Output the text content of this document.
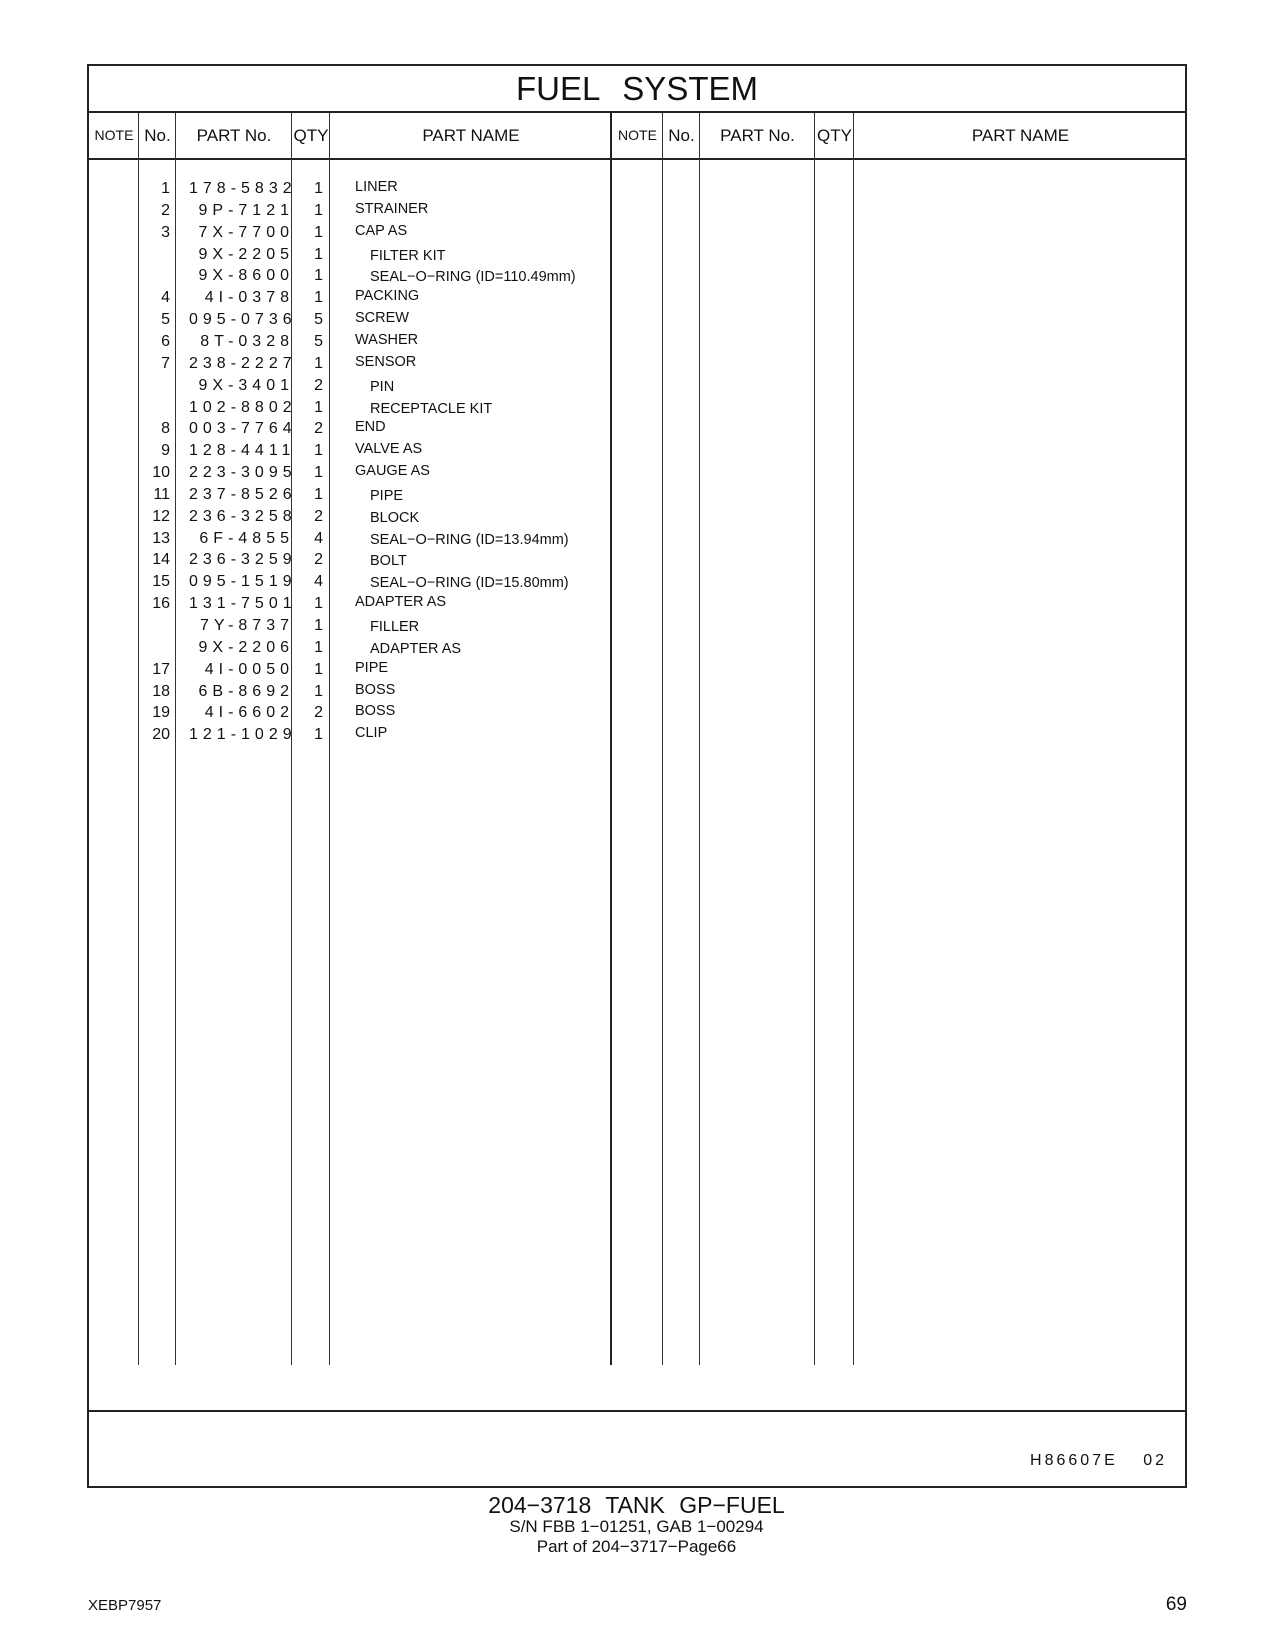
FUEL SYSTEM
NOTE No.	PART No.	QTY	PART NAME	NOTE No.	PART No.	QTY	PART NAME
1 178-5832	1 LINER
2	9P-7121	1 STRAINER
3	7X-7700	1 CAP AS
9X-2205	1	FILTER KIT
9X-8600	1	SEAL−O−RING (ID=110.49mm)
4	4I-0378	1 PACKING
5 095-0736	5 SCREW
6	8T-0328	5 WASHER
7 238-2227	1 SENSOR
9X-3401	2	PIN
102-8802	1	RECEPTACLE KIT
8 003-7764	2 END
9 128-4411	1 VALVE AS
10 223-3095	1 GAUGE AS
11 237-8526	1	PIPE
12 236-3258	2	BLOCK
13	6F-4855	4	SEAL−O−RING (ID=13.94mm)
14 236-3259	2	BOLT
15 095-1519	4	SEAL−O−RING (ID=15.80mm)
16 131-7501	1 ADAPTER AS
7Y-8737	1	FILLER
9X-2206	1	ADAPTER AS
17	4I-0050	1 PIPE
18	6B-8692	1 BOSS
19	4I-6602	2 BOSS
20 121-1029	1 CLIP
H86607E 02
204−3718 TANK GP−FUEL
S/N FBB 1−01251, GAB 1−00294
Part of 204−3717−Page66
XEBP7957	69
